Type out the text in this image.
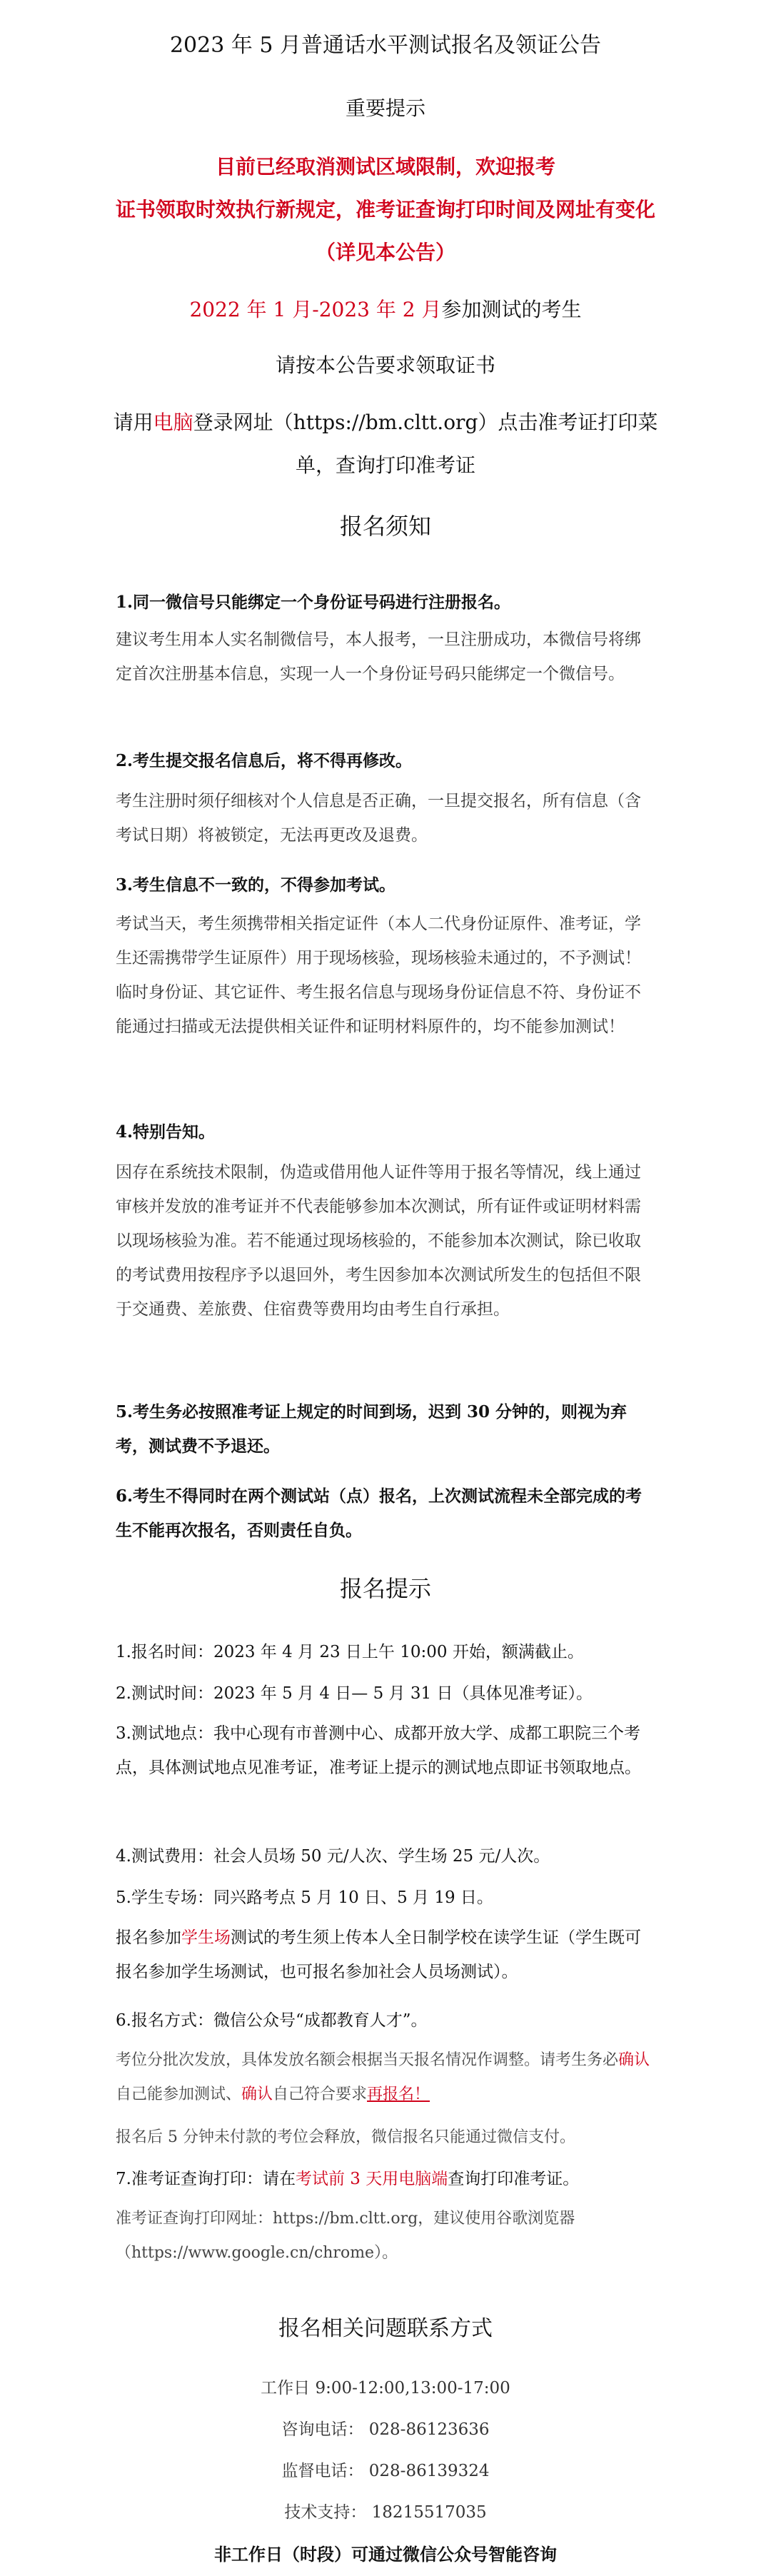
2023 年 5 月普通话水平测试报名及领证公告
重要提示
目前已经取消测试区域限制，欢迎报考
证书领取时效执行新规定，准考证查询打印时间及网址有变化
（详见本公告）
2022 年 1 月-2023 年 2 月参加测试的考生
请按本公告要求领取证书
请用电脑登录网址（https://bm.cltt.org）点击准考证打印菜
单，查询打印准考证
报名须知
1.同一微信号只能绑定一个身份证号码进行注册报名。
建议考生用本人实名制微信号，本人报考，一旦注册成功，本微信号将绑定首次注册基本信息，实现一人一个身份证号码只能绑定一个微信号。
2.考生提交报名信息后，将不得再修改。
考生注册时须仔细核对个人信息是否正确，一旦提交报名，所有信息（含考试日期）将被锁定，无法再更改及退费。
3.考生信息不一致的，不得参加考试。
考试当天，考生须携带相关指定证件（本人二代身份证原件、准考证，学生还需携带学生证原件）用于现场核验，现场核验未通过的，不予测试！临时身份证、其它证件、考生报名信息与现场身份证信息不符、身份证不能通过扫描或无法提供相关证件和证明材料原件的，均不能参加测试！
4.特别告知。
因存在系统技术限制，伪造或借用他人证件等用于报名等情况，线上通过审核并发放的准考证并不代表能够参加本次测试，所有证件或证明材料需以现场核验为准。若不能通过现场核验的，不能参加本次测试，除已收取的考试费用按程序予以退回外，考生因参加本次测试所发生的包括但不限于交通费、差旅费、住宿费等费用均由考生自行承担。
5.考生务必按照准考证上规定的时间到场，迟到 30 分钟的，则视为弃考，测试费不予退还。
6.考生不得同时在两个测试站（点）报名，上次测试流程未全部完成的考生不能再次报名，否则责任自负。
报名提示
1.报名时间：2023 年 4 月 23 日上午 10:00 开始，额满截止。
2.测试时间：2023 年 5 月 4 日— 5 月 31 日（具体见准考证）。
3.测试地点：我中心现有市普测中心、成都开放大学、成都工职院三个考点，具体测试地点见准考证，准考证上提示的测试地点即证书领取地点。
4.测试费用：社会人员场 50 元/人次、学生场 25 元/人次。
5.学生专场：同兴路考点 5 月 10 日、5 月 19 日。
报名参加学生场测试的考生须上传本人全日制学校在读学生证（学生既可报名参加学生场测试，也可报名参加社会人员场测试）。
6.报名方式：微信公众号“成都教育人才”。
考位分批次发放，具体发放名额会根据当天报名情况作调整。请考生务必确认自己能参加测试、确认自己符合要求再报名！
报名后 5 分钟未付款的考位会释放，微信报名只能通过微信支付。
7.准考证查询打印：请在考试前 3 天用电脑端查询打印准考证。
准考证查询打印网址：https://bm.cltt.org，建议使用谷歌浏览器（https://www.google.cn/chrome）。
报名相关问题联系方式
工作日 9:00-12:00,13:00-17:00
咨询电话： 028-86123636
监督电话： 028-86139324
技术支持： 18215517035
非工作日（时段）可通过微信公众号智能咨询
